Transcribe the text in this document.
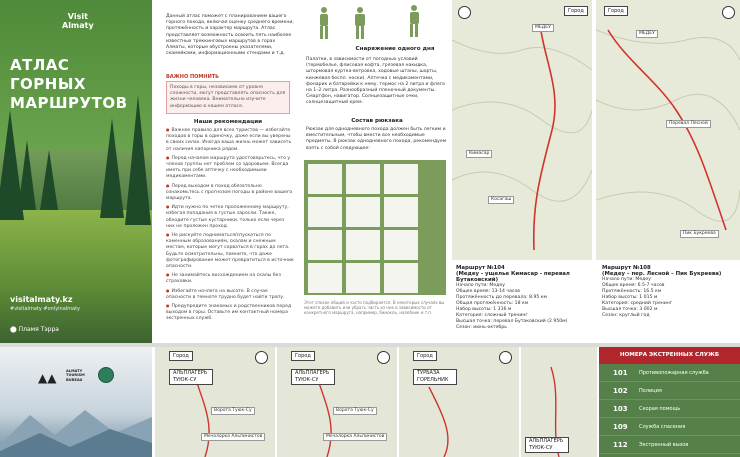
Visit
Almaty
АТЛАС ГОРНЫХ МАРШРУТОВ
visitalmaty.kz
#visitalmaty #onlyinalmaty
⬤ Пламя Тэрра
Данный атлас поможет с планированием вашего горного похода, включая оценку среднего времени, протяжённость и характер маршрута. Атлас представляет возможность освоить пять наиболее известных треккинговых маршрутов в горах Алматы, которые обустроены указателями, скамейками, информационными стендами и т.д.
ВАЖНО ПОМНИТЬ
Походы в горы, независимо от уровня сложности, могут представлять опасность для жизни человека. Внимательно изучите информацию в нашем атласе.
Наши рекомендации
● Важное правило для всех туристов — избегайте походов в горы в одиночку, даже если вы уверены в своих силах. Иногда ваша жизнь может зависеть от наличия напарника рядом.
● Перед началом маршрута удостоверьтесь, что у членов группы нет проблем со здоровьем. Всегда иметь при себе аптечку с необходимыми медикаментами.
● Перед выходом в поход обязательно ознакомьтесь с прогнозом погоды в районе вашего маршрута.
● Идти нужно по четко проложенному маршруту, избегая попадания в густые заросли. Также, обходите густые кустарники, только если через них не проложен проход.
● Не рискуйте подниматься/спускаться по каменным образованиям, скалам и снежным местам, которые могут сорваться в горах до лета. Будьте осмотрительны, помните, что даже фотографирование может превратиться в источник опасности.
● Не занимайтесь восхождением на скалы без страховки.
● Избегайте ночлега на высоте. В случае опасности в темноте трудно будет найти тропу.
● Предупредите знакомых и родственников перед выходом в горы. Оставьте им контактный номера экстренных служб.
Снаряжение одного дня
Палатки, в зависимости от погодных условий (термобелье, флисовая кофта, грязевая накидка, штормовая куртка-ветровка, ходовые штаны, шорты, кинжевая беспл. носки). Аптечка с медикаментами, фонарик и батарейки к нему, термос на 2 литра и фляга на 1–2 литра. Разнообразный пленочный документы. Смартфон, навигатор. Солнцезащитные очки, солнцезащитный крем.
Состав рюкзака
Рюкзак для однодневного похода должен быть легким и вместительным, чтобы вмести все необходимые предметы. В рюкзак однодневного похода, рекомендуем взять с собой следующее:
Этот список общий и часто подбирается. В некоторых случаях вы можете добавить или убрать часть из них в зависимости от конкретного маршрута, например, бинокль, налобник и т.п.
Город
МЕДЕУ
Кимасар
Косагаш
Маршрут №104
(Медеу - ущелье Кимасар - перевал Бутаковский)
Начало пути: Медеу
Общее время: 13-14 часов
Протяжённость до перевала: 8.95 км
Общая протяжённость: 18 км
Набор высоты: 1 316 м
Категория: сложный тренинг
Высшая точка: перевал Бутаковский (2 950м)
Сезон: июнь-октябрь
Город
МЕДЕУ
Перевал Лесной
Пик Букреева
Маршрут №108
(Медеу – пер. Лесной – Пик Букреева)
Начало пути: Медеу
Общее время: 6.5-7 часов
Протяжённость: 16.5 км
Набор высоты: 1 015 м
Категория: средний тренинг
Высшая точка: 3 002 м
Сезон: круглый год
▲▲	ALMATY TOURISM BUREAU
Город
АЛЬПЛАГЕРЬ ТУЮК-СУ
Ворота Туюк-Су
Мечалорка Альпинистов
Город
АЛЬПЛАГЕРЬ ТУЮК-СУ
Ворота Туюк-Су
Мечалорка Альпинистов
Город
ТУРБАЗА ГОРЕЛЬНИК
АЛЬПЛАГЕРЬ ТУЮК-СУ
НОМЕРА ЭКСТРЕННЫХ СЛУЖБ
101	Противопожарная служба
102	Полиция
103	Скорая помощь
109	Служба спасения
112	Экстренный вызов
